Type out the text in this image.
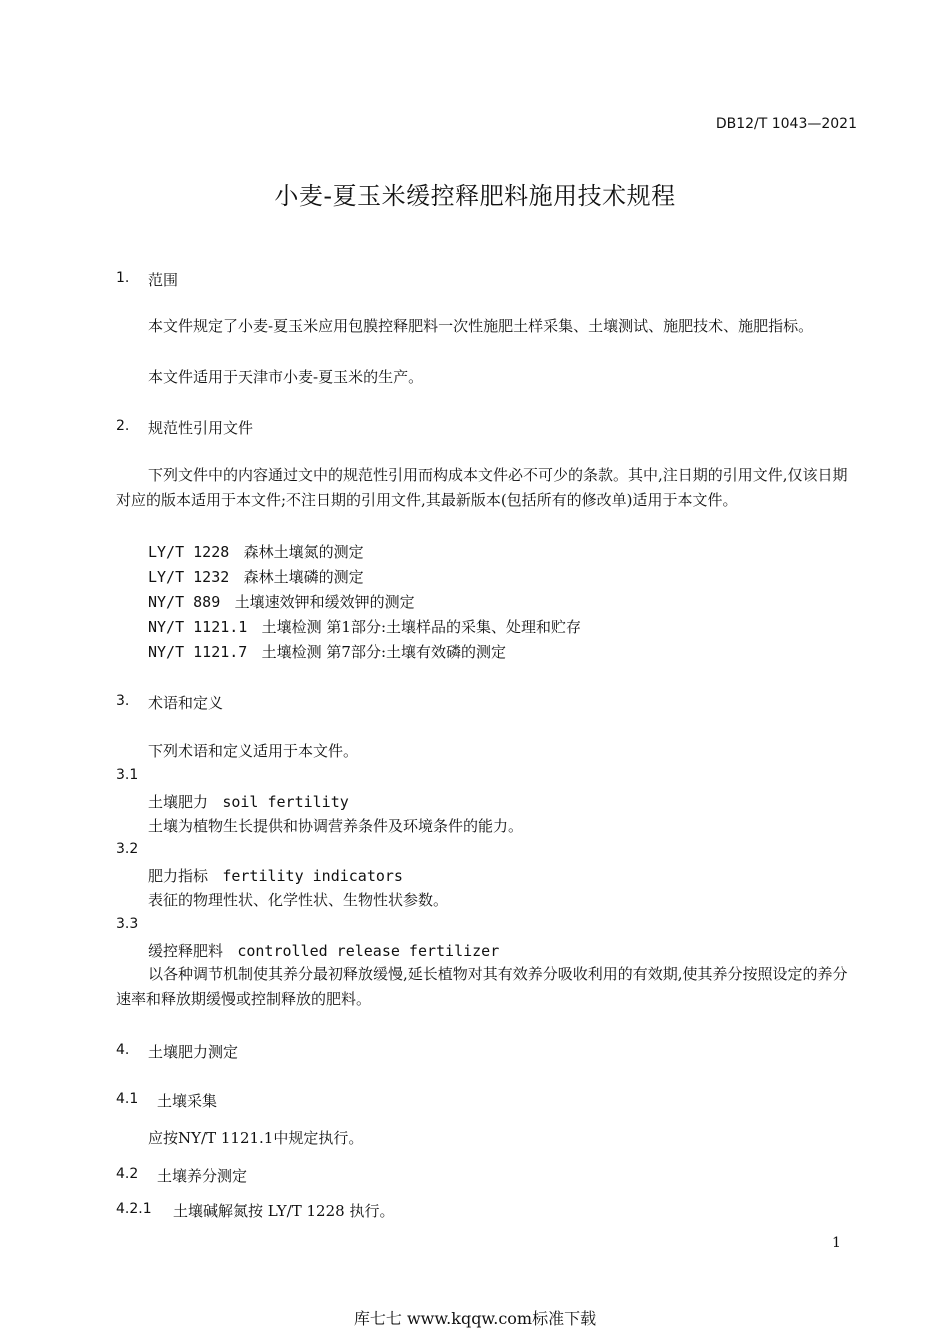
DB12/T 1043—2021
小麦-夏玉米缓控释肥料施用技术规程
1. 范围
本文件规定了小麦-夏玉米应用包膜控释肥料一次性施肥土样采集、土壤测试、施肥技术、施肥指标。
本文件适用于天津市小麦-夏玉米的生产。
2. 规范性引用文件
下列文件中的内容通过文中的规范性引用而构成本文件必不可少的条款。其中,注日期的引用文件,仅该日期对应的版本适用于本文件;不注日期的引用文件,其最新版本(包括所有的修改单)适用于本文件。
LY/T 1228 森林土壤氮的测定
LY/T 1232 森林土壤磷的测定
NY/T 889 土壤速效钾和缓效钾的测定
NY/T 1121.1 土壤检测 第1部分:土壤样品的采集、处理和贮存
NY/T 1121.7 土壤检测 第7部分:土壤有效磷的测定
3. 术语和定义
下列术语和定义适用于本文件。
3.1
土壤肥力 soil fertility
土壤为植物生长提供和协调营养条件及环境条件的能力。
3.2
肥力指标 fertility indicators
表征的物理性状、化学性状、生物性状参数。
3.3
缓控释肥料 controlled release fertilizer
以各种调节机制使其养分最初释放缓慢,延长植物对其有效养分吸收利用的有效期,使其养分按照设定的养分速率和释放期缓慢或控制释放的肥料。
4. 土壤肥力测定
4.1 土壤采集
应按NY/T 1121.1中规定执行。
4.2 土壤养分测定
4.2.1 土壤碱解氮按 LY/T 1228 执行。
1
库七七 www.kqqw.com标准下载
